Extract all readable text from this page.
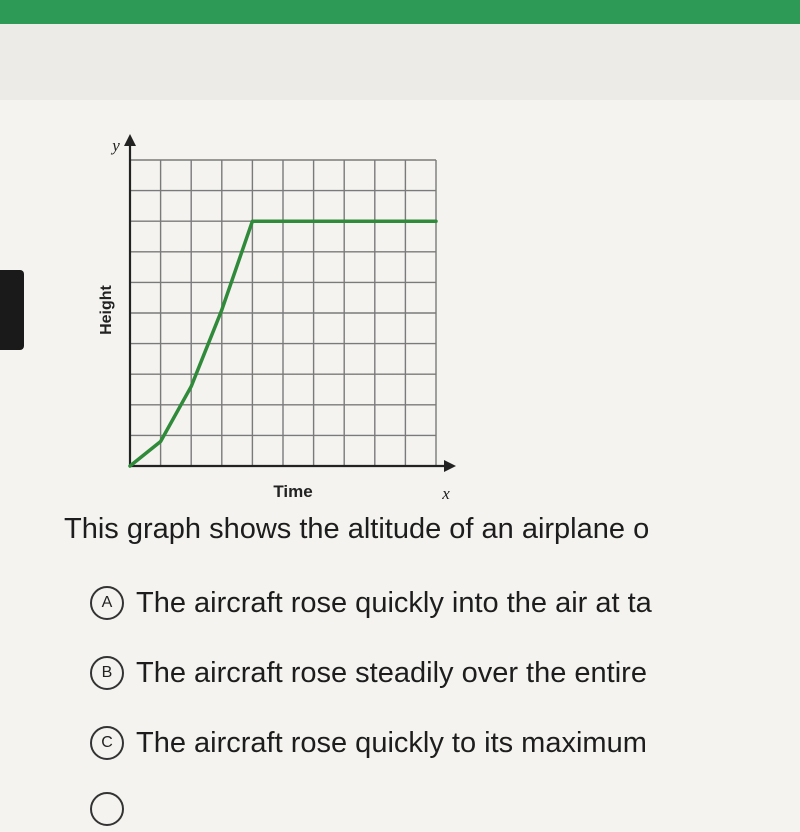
Time
Height
x
y

This graph shows the altitude of an airplane o

A The aircraft rose quickly into the air at ta
B The aircraft rose steadily over the entire
C The aircraft rose quickly to its maximum
